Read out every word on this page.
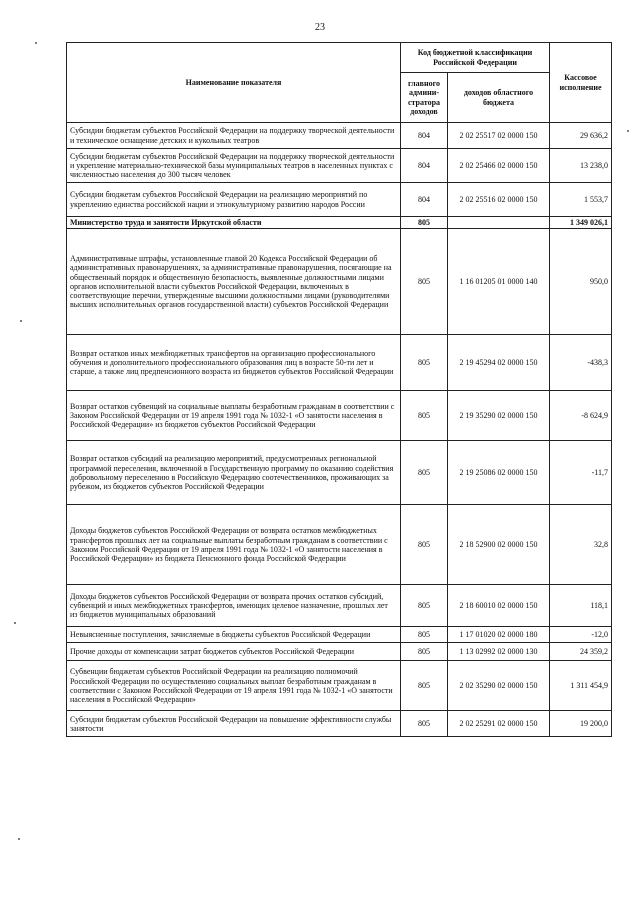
23
Наименование показателя	Код бюджетной классификации Российской Федерации		Кассовое исполнение
	главного админи- стратора доходов	доходов областного бюджета	
Субсидии бюджетам субъектов Российской Федерации на поддержку творческой деятельности и техническое оснащение детских и кукольных театров	804	2 02 25517 02 0000 150	29 636,2
Субсидии бюджетам субъектов Российской Федерации на поддержку творческой деятельности и укрепление материально-технической базы муниципальных театров в населенных пунктах с численностью населения до 300 тысяч человек	804	2 02 25466 02 0000 150	13 238,0
Субсидии бюджетам субъектов Российской Федерации на реализацию мероприятий по укреплению единства российской нации и этнокультурному развитию народов России	804	2 02 25516 02 0000 150	1 553,7
Министерство труда и занятости Иркутской области	805		1 349 026,1
Административные штрафы, установленные главой 20 Кодекса Российской Федерации об административных правонарушениях, за административные правонарушения, посягающие на общественный порядок и общественную безопасность, выявленные должностными лицами органов исполнительной власти субъектов Российской Федерации, включенных в соответствующие перечни, утвержденные высшими должностными лицами (руководителями высших исполнительных органов государственной власти) субъектов Российской Федерации	805	1 16 01205 01 0000 140	950,0
Возврат остатков иных межбюджетных трансфертов на организацию профессионального обучения и дополнительного профессионального образования лиц в возрасте 50-ти лет и старше, а также лиц предпенсионного возраста из бюджетов субъектов Российской Федерации	805	2 19 45294 02 0000 150	-438,3
Возврат остатков субвенций на социальные выплаты безработным гражданам в соответствии с Законом Российской Федерации от 19 апреля 1991 года № 1032-1 «О занятости населения в Российской Федерации» из бюджетов субъектов Российской Федерации	805	2 19 35290 02 0000 150	-8 624,9
Возврат остатков субсидий на реализацию мероприятий, предусмотренных региональной программой переселения, включенной в Государственную программу по оказанию содействия добровольному переселению в Российскую Федерацию соотечественников, проживающих за рубежом, из бюджетов субъектов Российской Федерации	805	2 19 25086 02 0000 150	-11,7
Доходы бюджетов субъектов Российской Федерации от возврата остатков межбюджетных трансфертов прошлых лет на социальные выплаты безработным гражданам в соответствии с Законом Российской Федерации от 19 апреля 1991 года № 1032-1 «О занятости населения в Российской Федерации» из бюджета Пенсионного фонда Российской Федерации	805	2 18 52900 02 0000 150	32,8
Доходы бюджетов субъектов Российской Федерации от возврата прочих остатков субсидий, субвенций и иных межбюджетных трансфертов, имеющих целевое назначение, прошлых лет из бюджетов муниципальных образований	805	2 18 60010 02 0000 150	118,1
Невыясненные поступления, зачисляемые в бюджеты субъектов Российской Федерации	805	1 17 01020 02 0000 180	-12,0
Прочие доходы от компенсации затрат бюджетов субъектов Российской Федерации	805	1 13 02992 02 0000 130	24 359,2
Субвенции бюджетам субъектов Российской Федерации на реализацию полномочий Российской Федерации по осуществлению социальных выплат безработным гражданам в соответствии с Законом Российской Федерации от 19 апреля 1991 года № 1032-1 «О занятости населения в Российской Федерации»	805	2 02 35290 02 0000 150	1 311 454,9
Субсидии бюджетам субъектов Российской Федерации на повышение эффективности службы занятости	805	2 02 25291 02 0000 150	19 200,0
